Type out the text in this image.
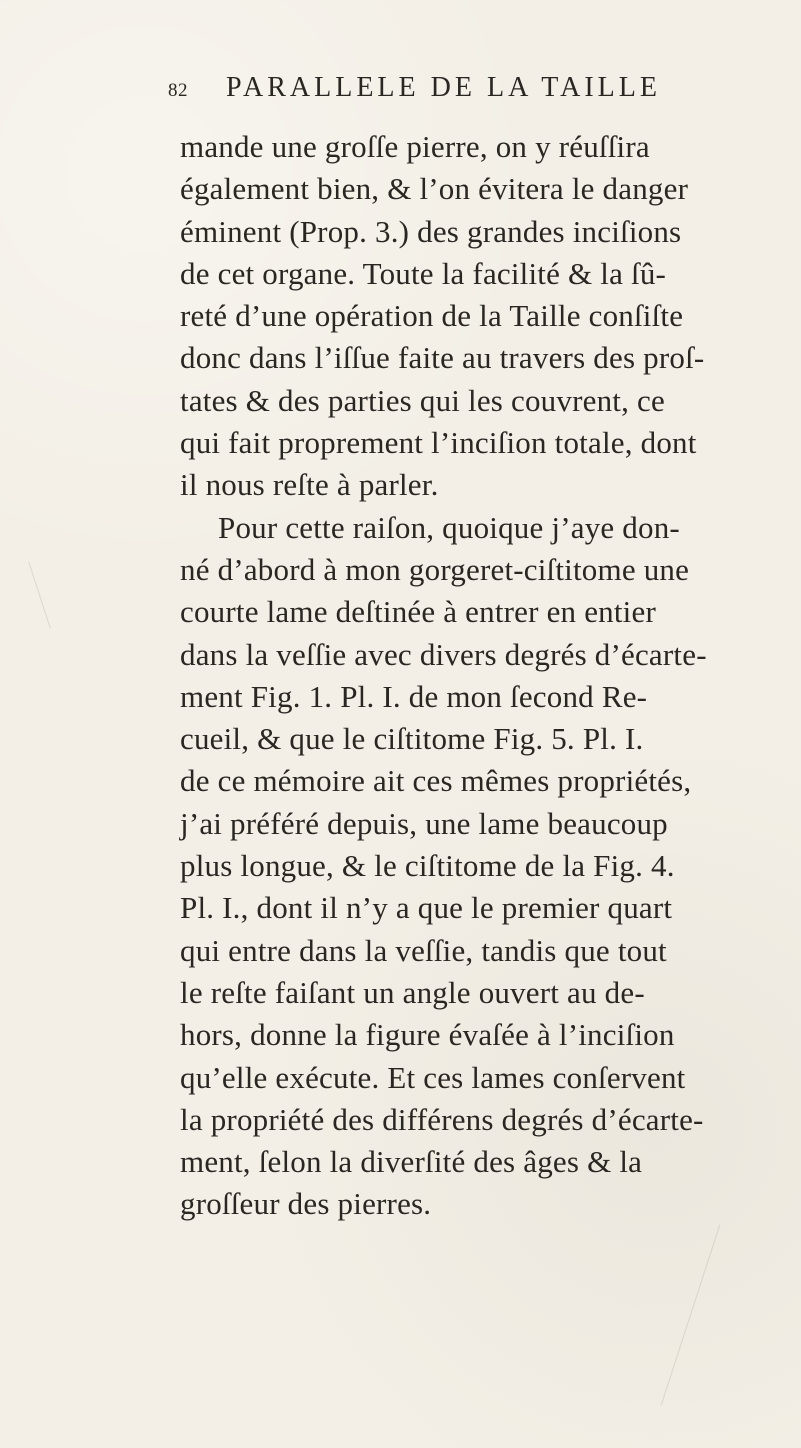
82 PARALLELE DE LA TAILLE
mande une groſſe pierre, on y réuſſira
également bien, & l’on évitera le danger
éminent (Prop. 3.) des grandes inciſions
de cet organe. Toute la facilité & la ſû-
reté d’une opération de la Taille conſiſte
donc dans l’iſſue faite au travers des proſ-
tates & des parties qui les couvrent, ce
qui fait proprement l’inciſion totale, dont
il nous reſte à parler.
Pour cette raiſon, quoique j’aye don-
né d’abord à mon gorgeret-ciſtitome une
courte lame deſtinée à entrer en entier
dans la veſſie avec divers degrés d’écarte-
ment Fig. 1. Pl. I. de mon ſecond Re-
cueil, & que le ciſtitome Fig. 5. Pl. I.
de ce mémoire ait ces mêmes propriétés,
j’ai préféré depuis, une lame beaucoup
plus longue, & le ciſtitome de la Fig. 4.
Pl. I., dont il n’y a que le premier quart
qui entre dans la veſſie, tandis que tout
le reſte faiſant un angle ouvert au de-
hors, donne la figure évaſée à l’inciſion
qu’elle exécute. Et ces lames conſervent
la propriété des différens degrés d’écarte-
ment, ſelon la diverſité des âges & la
groſſeur des pierres.
